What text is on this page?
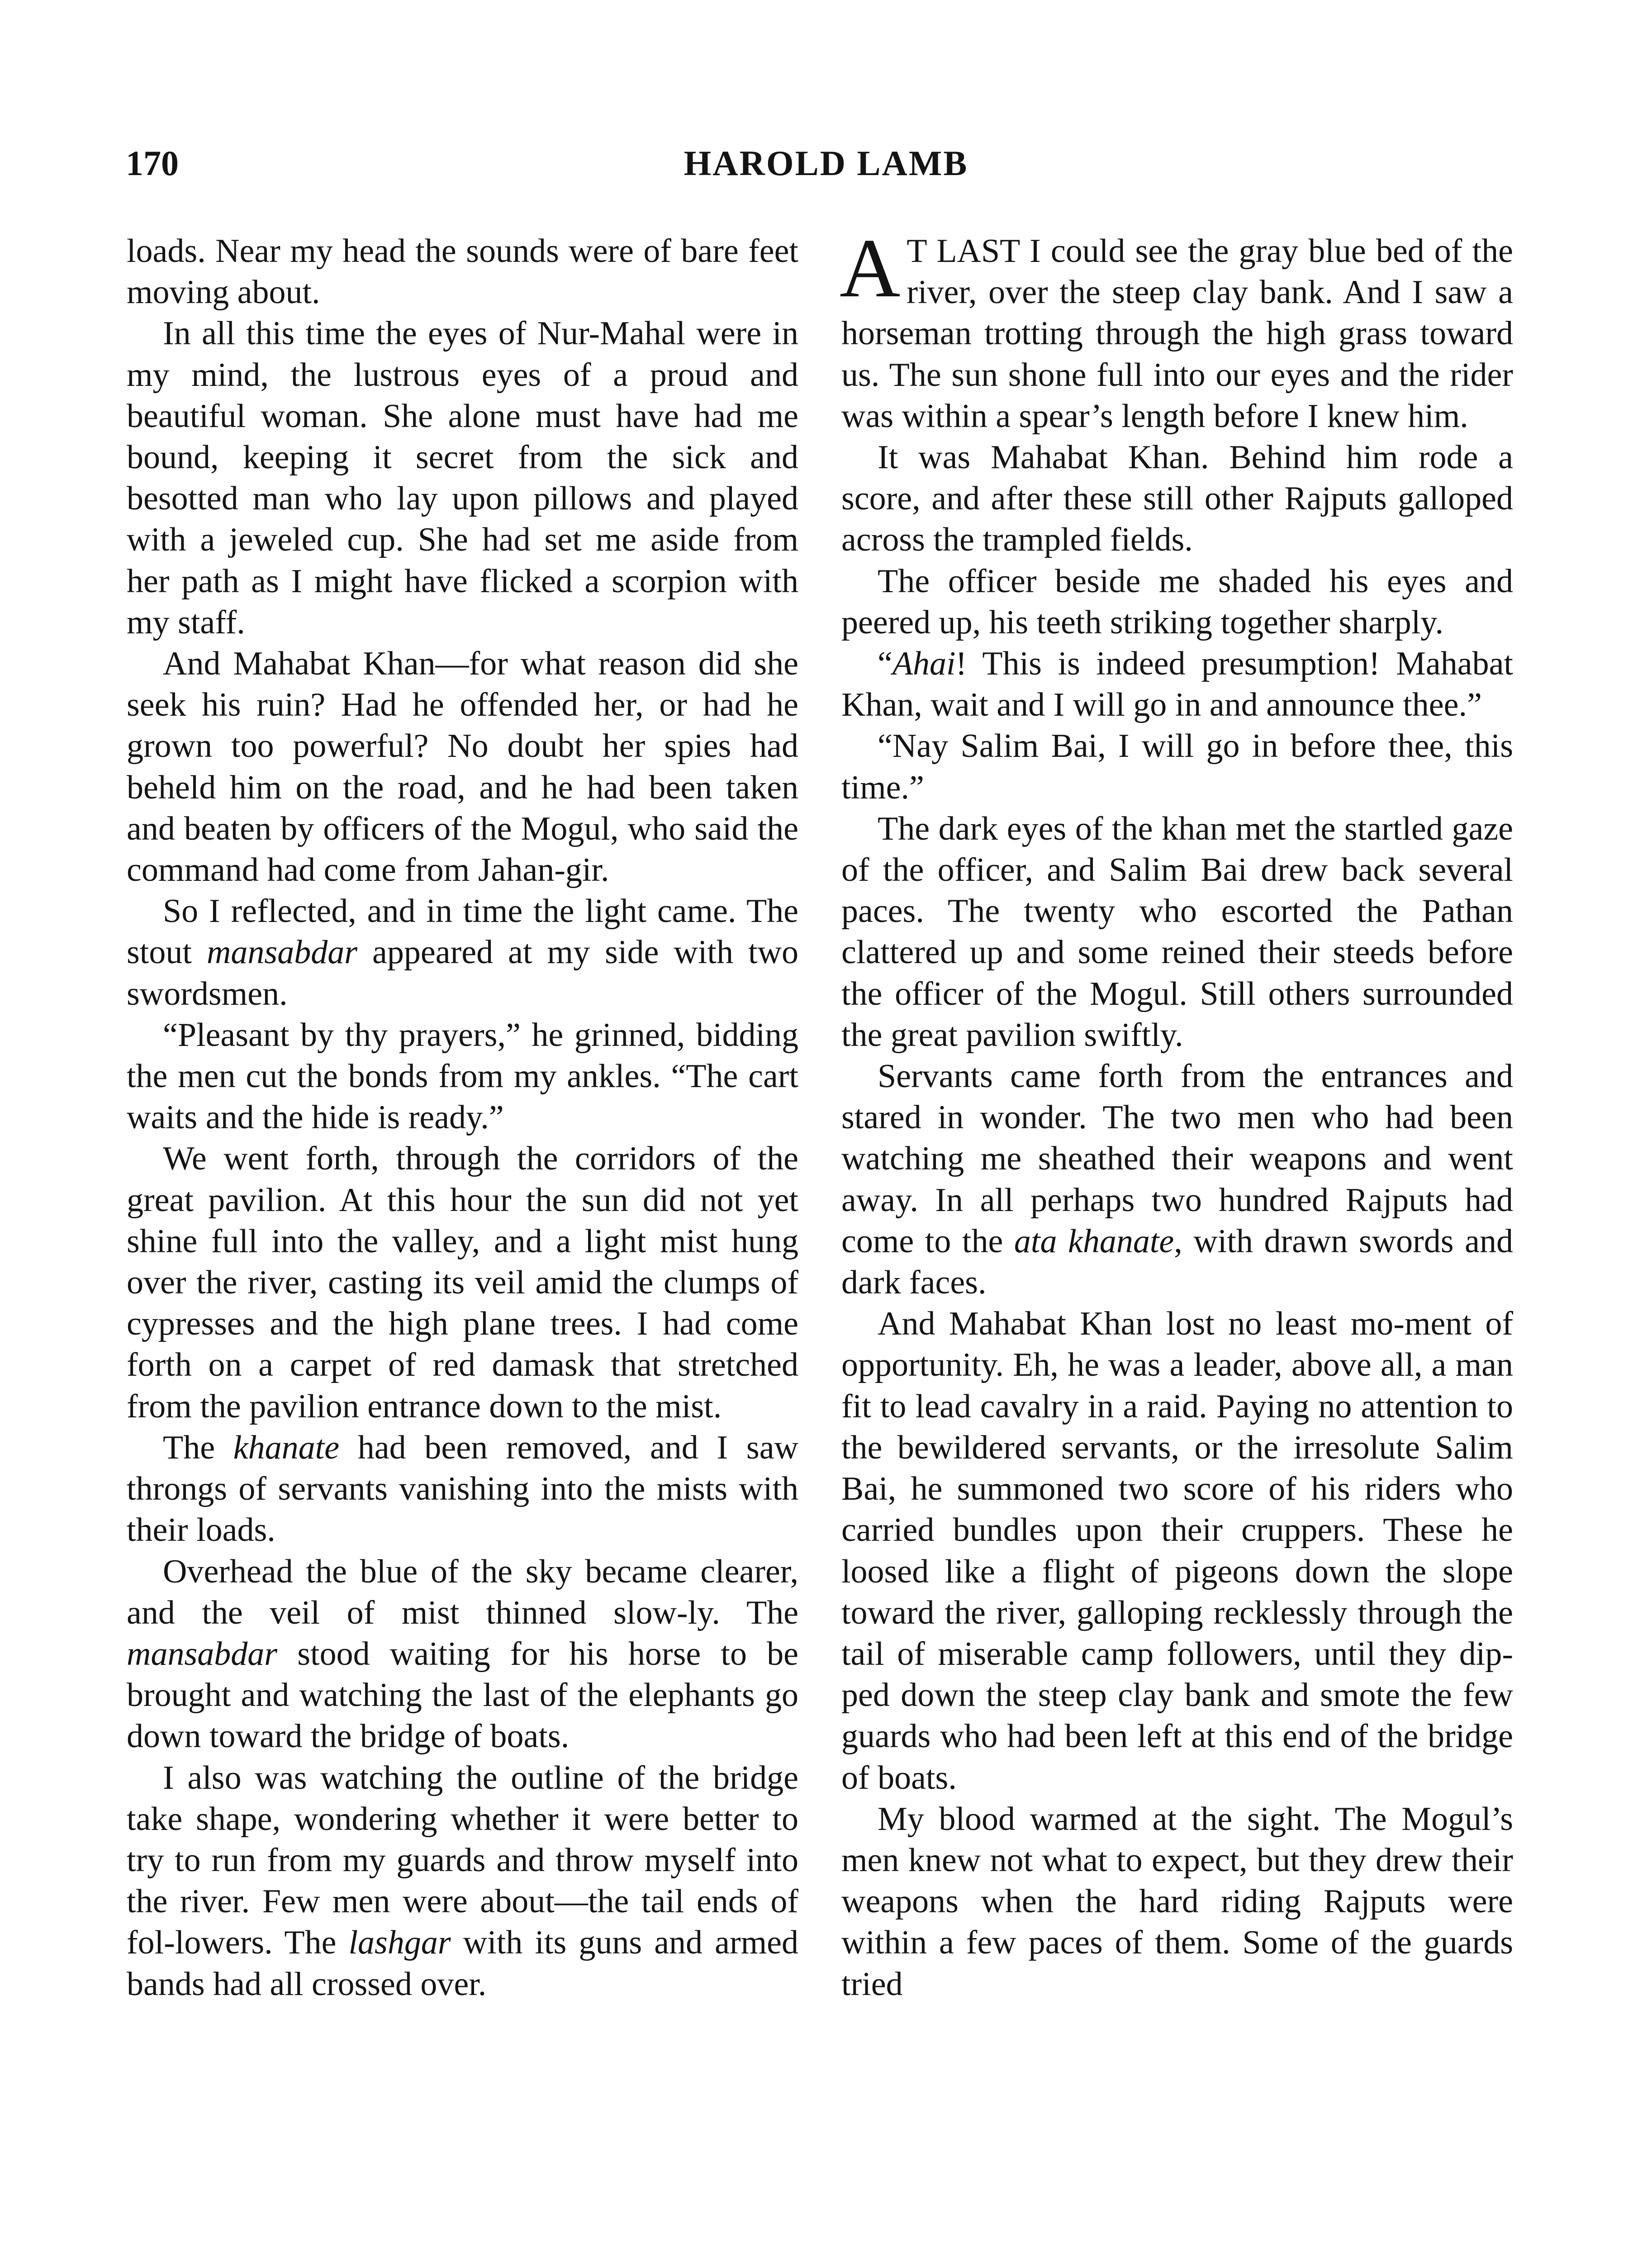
170	HAROLD LAMB

loads. Near my head the sounds were of bare feet moving about.

In all this time the eyes of Nur-Mahal were in my mind, the lustrous eyes of a proud and beautiful woman. She alone must have had me bound, keeping it secret from the sick and besotted man who lay upon pillows and played with a jeweled cup. She had set me aside from her path as I might have flicked a scorpion with my staff.

And Mahabat Khan—for what reason did she seek his ruin? Had he offended her, or had he grown too powerful? No doubt her spies had beheld him on the road, and he had been taken and beaten by officers of the Mogul, who said the command had come from Jahan-gir.

So I reflected, and in time the light came. The stout mansabdar appeared at my side with two swordsmen.

“Pleasant by thy prayers,” he grinned, bidding the men cut the bonds from my ankles. “The cart waits and the hide is ready.”

We went forth, through the corridors of the great pavilion. At this hour the sun did not yet shine full into the valley, and a light mist hung over the river, casting its veil amid the clumps of cypresses and the high plane trees. I had come forth on a carpet of red damask that stretched from the pavilion entrance down to the mist.

The khanate had been removed, and I saw throngs of servants vanishing into the mists with their loads.

Overhead the blue of the sky became clearer, and the veil of mist thinned slow-ly. The mansabdar stood waiting for his horse to be brought and watching the last of the elephants go down toward the bridge of boats.

I also was watching the outline of the bridge take shape, wondering whether it were better to try to run from my guards and throw myself into the river. Few men were about—the tail ends of fol-lowers. The lashgar with its guns and armed bands had all crossed over.

A T LAST I could see the gray blue bed of the river, over the steep clay bank. And I saw a horseman trotting through the high grass toward us. The sun shone full into our eyes and the rider was within a spear’s length before I knew him.

It was Mahabat Khan. Behind him rode a score, and after these still other Rajputs galloped across the trampled fields.

The officer beside me shaded his eyes and peered up, his teeth striking together sharply.

“Ahai! This is indeed presumption! Mahabat Khan, wait and I will go in and announce thee.”

“Nay Salim Bai, I will go in before thee, this time.”

The dark eyes of the khan met the startled gaze of the officer, and Salim Bai drew back several paces. The twenty who escorted the Pathan clattered up and some reined their steeds before the officer of the Mogul. Still others surrounded the great pavilion swiftly.

Servants came forth from the entrances and stared in wonder. The two men who had been watching me sheathed their weapons and went away. In all perhaps two hundred Rajputs had come to the ata khanate, with drawn swords and dark faces.

And Mahabat Khan lost no least mo-ment of opportunity. Eh, he was a leader, above all, a man fit to lead cavalry in a raid. Paying no attention to the bewildered servants, or the irresolute Salim Bai, he summoned two score of his riders who carried bundles upon their cruppers. These he loosed like a flight of pigeons down the slope toward the river, galloping recklessly through the tail of miserable camp followers, until they dip-ped down the steep clay bank and smote the few guards who had been left at this end of the bridge of boats.

My blood warmed at the sight. The Mogul’s men knew not what to expect, but they drew their weapons when the hard riding Rajputs were within a few paces of them. Some of the guards tried
